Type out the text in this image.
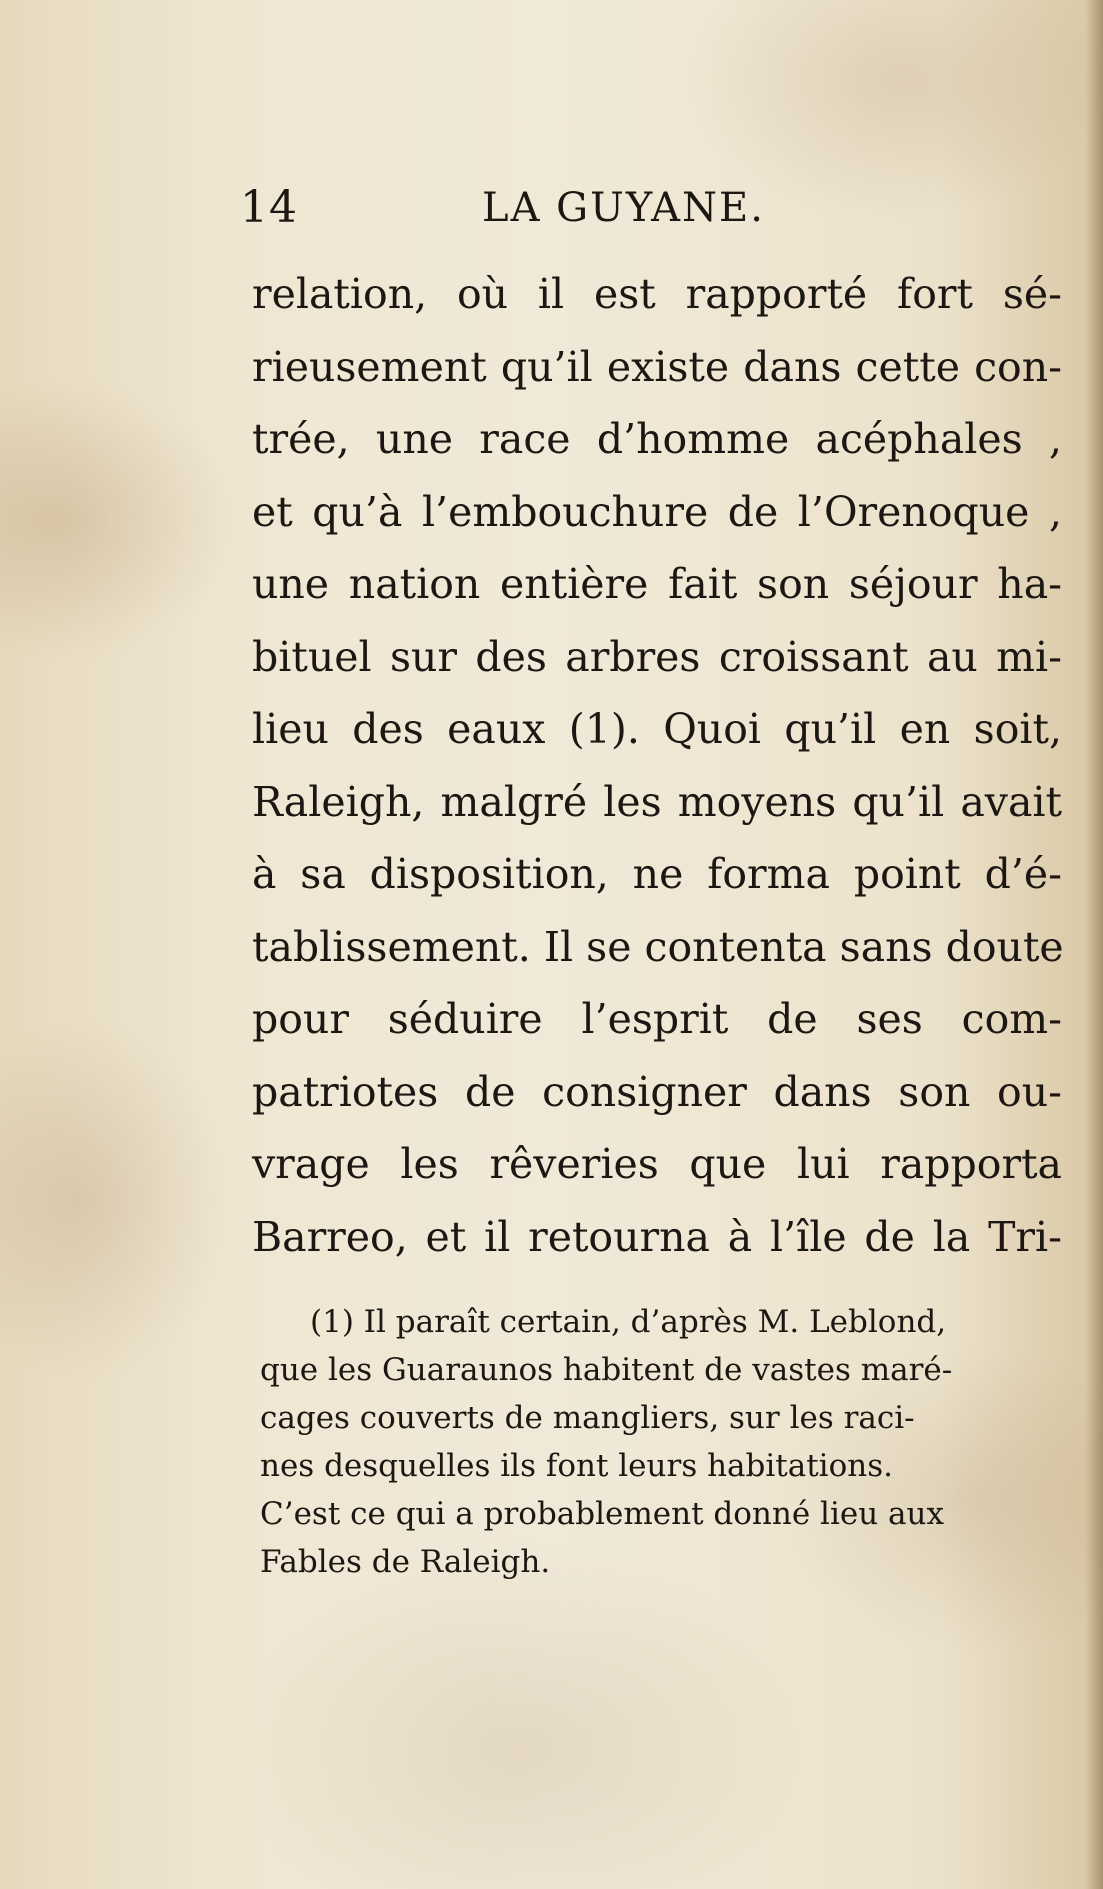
14	LA GUYANE.
relation, où il est rapporté fort sé-
rieusement qu’il existe dans cette con-
trée, une race d’homme acéphales ,
et qu’à l’embouchure de l’Orenoque ,
une nation entière fait son séjour ha-
bituel sur des arbres croissant au mi-
lieu des eaux (1). Quoi qu’il en soit,
Raleigh, malgré les moyens qu’il avait
à sa disposition, ne forma point d’é-
tablissement. Il se contenta sans doute
pour séduire l’esprit de ses com-
patriotes de consigner dans son ou-
vrage les rêveries que lui rapporta
Barreo, et il retourna à l’île de la Tri-
(1) Il paraît certain, d’après M. Leblond,
que les Guaraunos habitent de vastes maré-
cages couverts de mangliers, sur les raci-
nes desquelles ils font leurs habitations.
C’est ce qui a probablement donné lieu aux
Fables de Raleigh.
